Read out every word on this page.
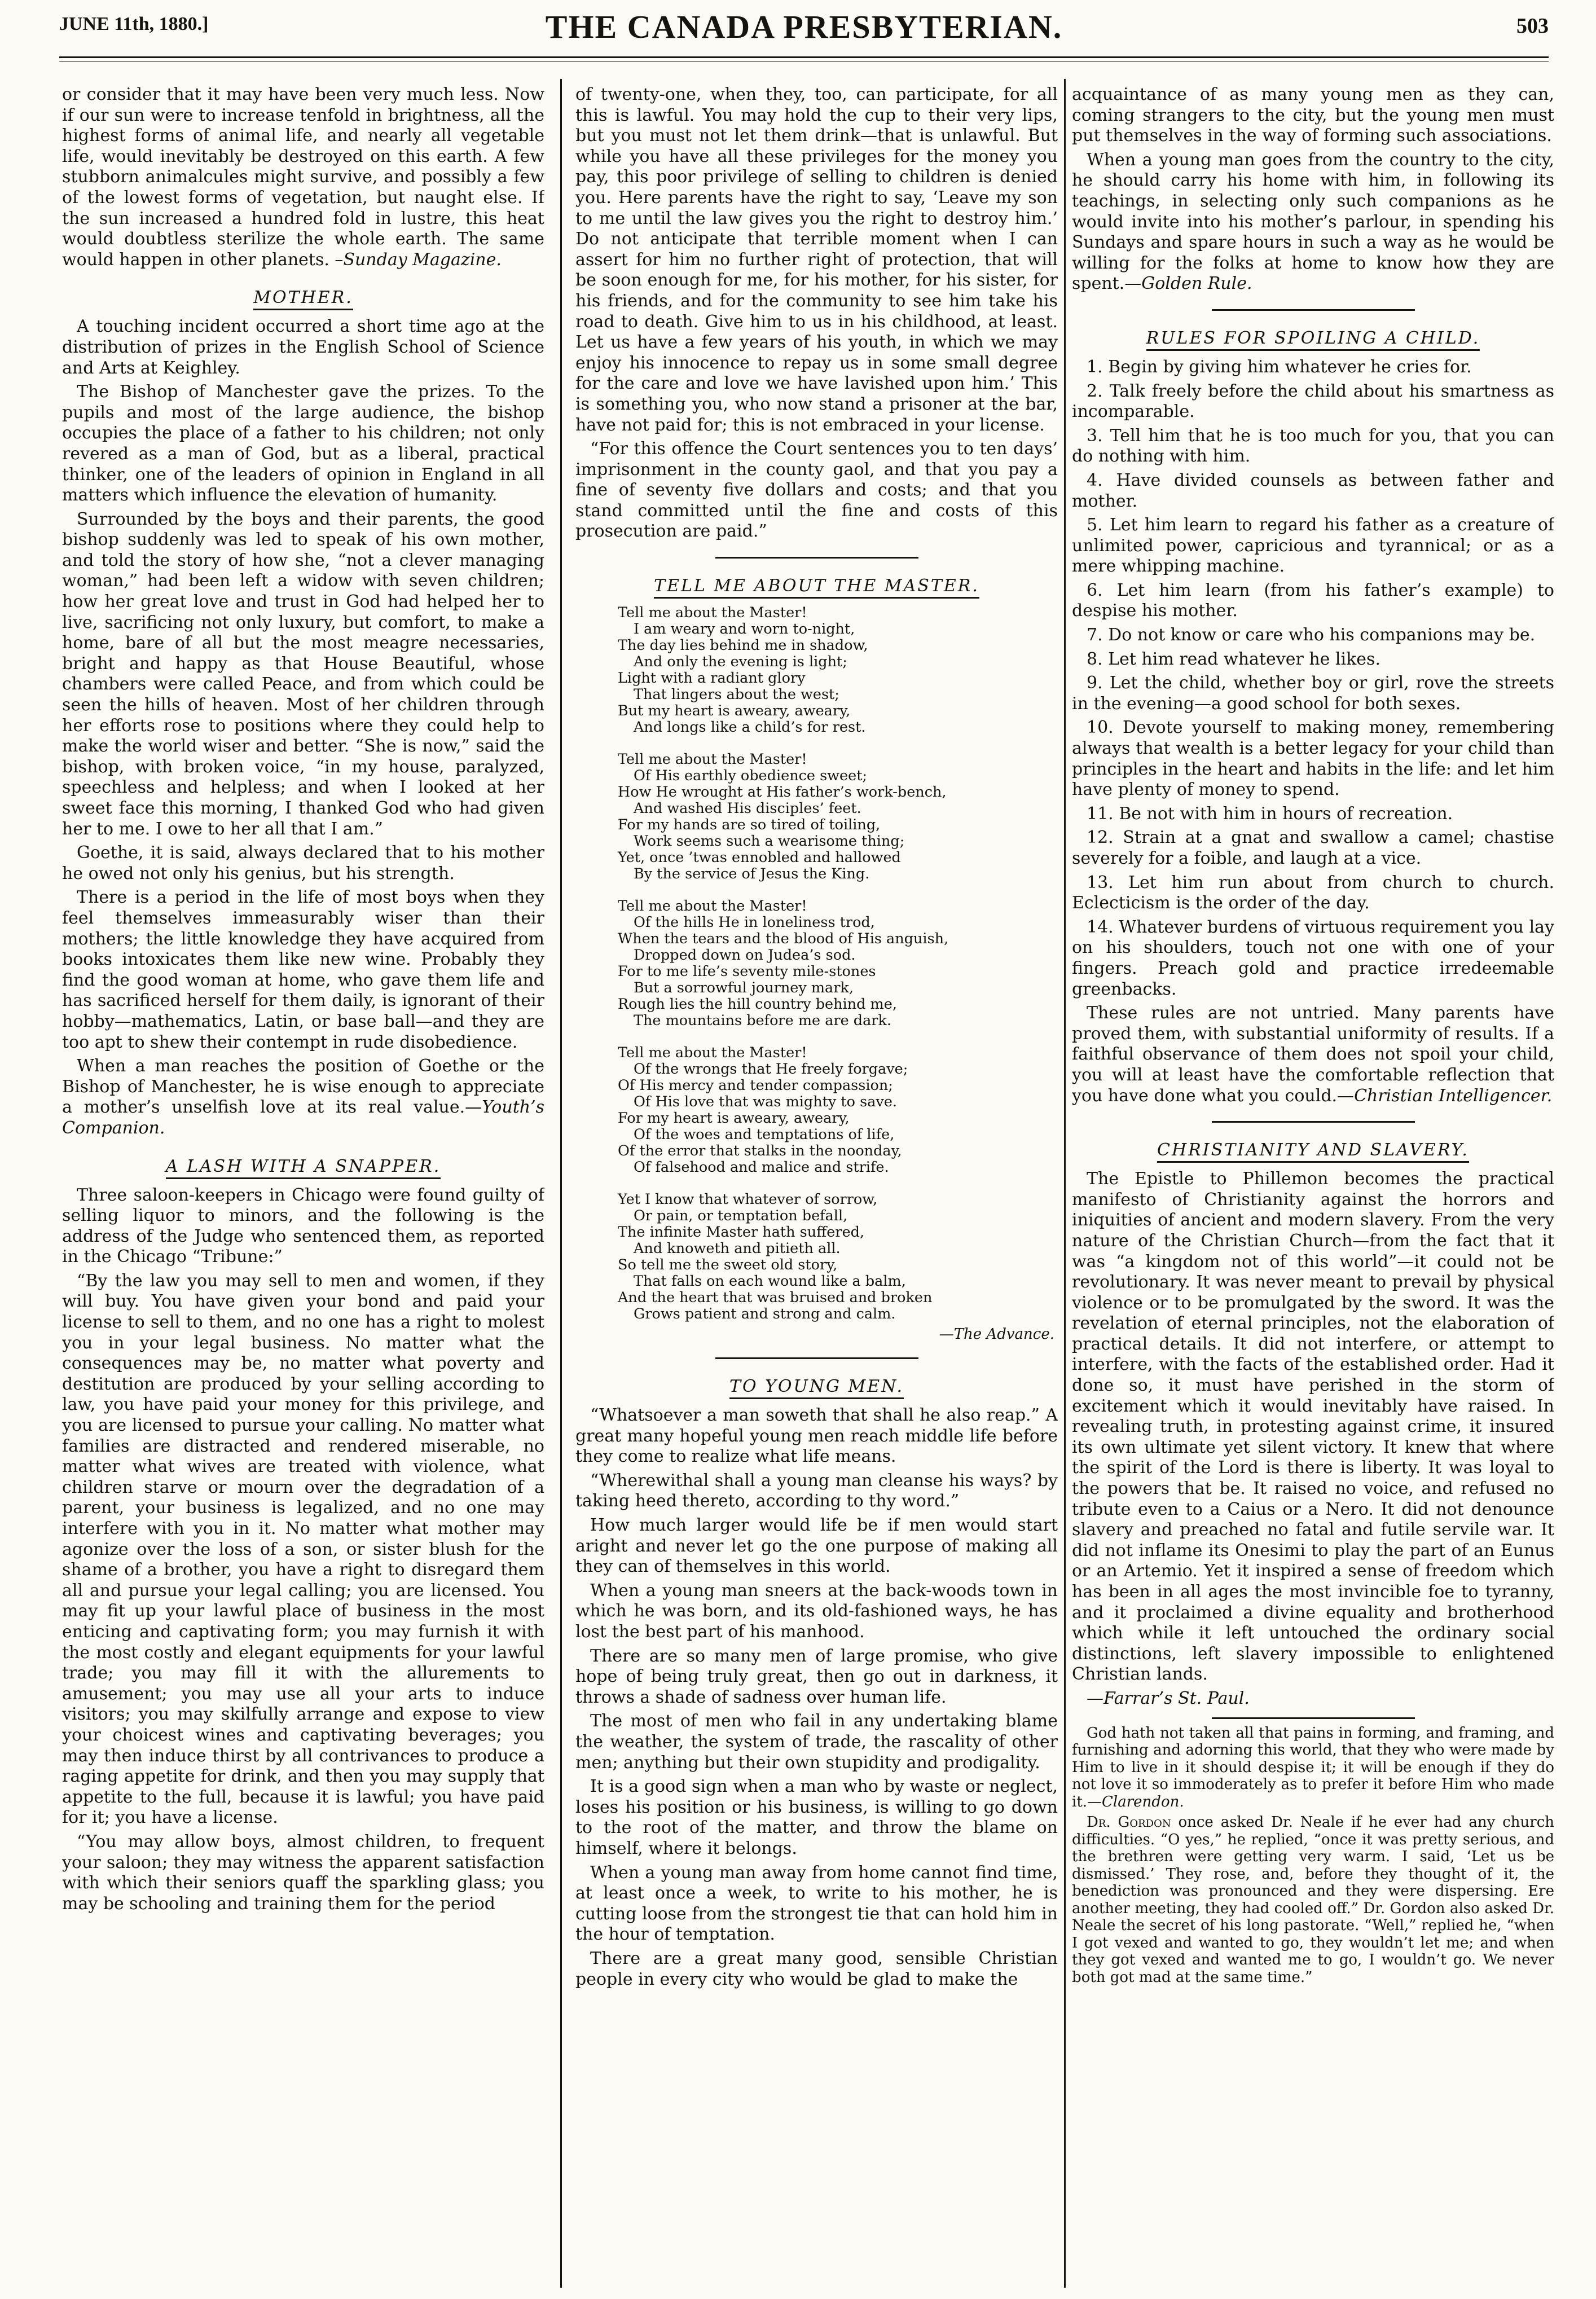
JUNE 11th, 1880.]	THE CANADA PRESBYTERIAN.	503

or consider that it may have been very much less. Now if our sun were to increase tenfold in brightness, all the highest forms of animal life, and nearly all vegetable life, would inevitably be destroyed on this earth. A few stubborn animalcules might survive, and possibly a few of the lowest forms of vegetation, but naught else. If the sun increased a hundred fold in lustre, this heat would doubtless sterilize the whole earth. The same would happen in other planets. –Sunday Magazine.

MOTHER.

A touching incident occurred a short time ago at the distribution of prizes in the English School of Science and Arts at Keighley.

The Bishop of Manchester gave the prizes. To the pupils and most of the large audience, the bishop occupies the place of a father to his children; not only revered as a man of God, but as a liberal, practical thinker, one of the leaders of opinion in England in all matters which influence the elevation of humanity.

Surrounded by the boys and their parents, the good bishop suddenly was led to speak of his own mother, and told the story of how she, “not a clever managing woman,” had been left a widow with seven children; how her great love and trust in God had helped her to live, sacrificing not only luxury, but comfort, to make a home, bare of all but the most meagre necessaries, bright and happy as that House Beautiful, whose chambers were called Peace, and from which could be seen the hills of heaven. Most of her children through her efforts rose to positions where they could help to make the world wiser and better. “She is now,” said the bishop, with broken voice, “in my house, paralyzed, speechless and helpless; and when I looked at her sweet face this morning, I thanked God who had given her to me. I owe to her all that I am.”

Goethe, it is said, always declared that to his mother he owed not only his genius, but his strength.

There is a period in the life of most boys when they feel themselves immeasurably wiser than their mothers; the little knowledge they have acquired from books intoxicates them like new wine. Probably they find the good woman at home, who gave them life and has sacrificed herself for them daily, is ignorant of their hobby—mathematics, Latin, or base ball—and they are too apt to shew their contempt in rude disobedience.

When a man reaches the position of Goethe or the Bishop of Manchester, he is wise enough to appreciate a mother’s unselfish love at its real value.—Youth’s Companion.

A LASH WITH A SNAPPER.

Three saloon-keepers in Chicago were found guilty of selling liquor to minors, and the following is the address of the Judge who sentenced them, as reported in the Chicago “Tribune:”

“By the law you may sell to men and women, if they will buy. You have given your bond and paid your license to sell to them, and no one has a right to molest you in your legal business. No matter what the consequences may be, no matter what poverty and destitution are produced by your selling according to law, you have paid your money for this privilege, and you are licensed to pursue your calling. No matter what families are distracted and rendered miserable, no matter what wives are treated with violence, what children starve or mourn over the degradation of a parent, your business is legalized, and no one may interfere with you in it. No matter what mother may agonize over the loss of a son, or sister blush for the shame of a brother, you have a right to disregard them all and pursue your legal calling; you are licensed. You may fit up your lawful place of business in the most enticing and captivating form; you may furnish it with the most costly and elegant equipments for your lawful trade; you may fill it with the allurements to amusement; you may use all your arts to induce visitors; you may skilfully arrange and expose to view your choicest wines and captivating beverages; you may then induce thirst by all contrivances to produce a raging appetite for drink, and then you may supply that appetite to the full, because it is lawful; you have paid for it; you have a license.

“You may allow boys, almost children, to frequent your saloon; they may witness the apparent satisfaction with which their seniors quaff the sparkling glass; you may be schooling and training them for the period

of twenty-one, when they, too, can participate, for all this is lawful. You may hold the cup to their very lips, but you must not let them drink—that is unlawful. But while you have all these privileges for the money you pay, this poor privilege of selling to children is denied you. Here parents have the right to say, ‘Leave my son to me until the law gives you the right to destroy him.’ Do not anticipate that terrible moment when I can assert for him no further right of protection, that will be soon enough for me, for his mother, for his sister, for his friends, and for the community to see him take his road to death. Give him to us in his childhood, at least. Let us have a few years of his youth, in which we may enjoy his innocence to repay us in some small degree for the care and love we have lavished upon him.’ This is something you, who now stand a prisoner at the bar, have not paid for; this is not embraced in your license.

“For this offence the Court sentences you to ten days’ imprisonment in the county gaol, and that you pay a fine of seventy five dollars and costs; and that you stand committed until the fine and costs of this prosecution are paid.”

TELL ME ABOUT THE MASTER.
Tell me about the Master!
I am weary and worn to-night,
The day lies behind me in shadow,
And only the evening is light;
Light with a radiant glory
That lingers about the west;
But my heart is aweary, aweary,
And longs like a child’s for rest.
Tell me about the Master!
Of His earthly obedience sweet;
How He wrought at His father’s work-bench,
And washed His disciples’ feet.
For my hands are so tired of toiling,
Work seems such a wearisome thing;
Yet, once ’twas ennobled and hallowed
By the service of Jesus the King.
Tell me about the Master!
Of the hills He in loneliness trod,
When the tears and the blood of His anguish,
Dropped down on Judea’s sod.
For to me life’s seventy mile-stones
But a sorrowful journey mark,
Rough lies the hill country behind me,
The mountains before me are dark.
Tell me about the Master!
Of the wrongs that He freely forgave;
Of His mercy and tender compassion;
Of His love that was mighty to save.
For my heart is aweary, aweary,
Of the woes and temptations of life,
Of the error that stalks in the noonday,
Of falsehood and malice and strife.
Yet I know that whatever of sorrow,
Or pain, or temptation befall,
The infinite Master hath suffered,
And knoweth and pitieth all.
So tell me the sweet old story,
That falls on each wound like a balm,
And the heart that was bruised and broken
Grows patient and strong and calm.
—The Advance.
TO YOUNG MEN.

“Whatsoever a man soweth that shall he also reap.” A great many hopeful young men reach middle life before they come to realize what life means.

“Wherewithal shall a young man cleanse his ways? by taking heed thereto, according to thy word.”

How much larger would life be if men would start aright and never let go the one purpose of making all they can of themselves in this world.

When a young man sneers at the back-woods town in which he was born, and its old-fashioned ways, he has lost the best part of his manhood.

There are so many men of large promise, who give hope of being truly great, then go out in darkness, it throws a shade of sadness over human life.

The most of men who fail in any undertaking blame the weather, the system of trade, the rascality of other men; anything but their own stupidity and prodigality.

It is a good sign when a man who by waste or neglect, loses his position or his business, is willing to go down to the root of the matter, and throw the blame on himself, where it belongs.

When a young man away from home cannot find time, at least once a week, to write to his mother, he is cutting loose from the strongest tie that can hold him in the hour of temptation.

There are a great many good, sensible Christian people in every city who would be glad to make the

acquaintance of as many young men as they can, coming strangers to the city, but the young men must put themselves in the way of forming such associations.

When a young man goes from the country to the city, he should carry his home with him, in following its teachings, in selecting only such companions as he would invite into his mother’s parlour, in spending his Sundays and spare hours in such a way as he would be willing for the folks at home to know how they are spent.—Golden Rule.

RULES FOR SPOILING A CHILD.

1. Begin by giving him whatever he cries for.

2. Talk freely before the child about his smartness as incomparable.

3. Tell him that he is too much for you, that you can do nothing with him.

4. Have divided counsels as between father and mother.

5. Let him learn to regard his father as a creature of unlimited power, capricious and tyrannical; or as a mere whipping machine.

6. Let him learn (from his father’s example) to despise his mother.

7. Do not know or care who his companions may be.

8. Let him read whatever he likes.

9. Let the child, whether boy or girl, rove the streets in the evening—a good school for both sexes.

10. Devote yourself to making money, remembering always that wealth is a better legacy for your child than principles in the heart and habits in the life: and let him have plenty of money to spend.

11. Be not with him in hours of recreation.

12. Strain at a gnat and swallow a camel; chastise severely for a foible, and laugh at a vice.

13. Let him run about from church to church. Eclecticism is the order of the day.

14. Whatever burdens of virtuous requirement you lay on his shoulders, touch not one with one of your fingers. Preach gold and practice irredeemable greenbacks.

These rules are not untried. Many parents have proved them, with substantial uniformity of results. If a faithful observance of them does not spoil your child, you will at least have the comfortable reflection that you have done what you could.—Christian Intelligencer.

CHRISTIANITY AND SLAVERY.

The Epistle to Phillemon becomes the practical manifesto of Christianity against the horrors and iniquities of ancient and modern slavery. From the very nature of the Christian Church—from the fact that it was “a kingdom not of this world”—it could not be revolutionary. It was never meant to prevail by physical violence or to be promulgated by the sword. It was the revelation of eternal principles, not the elaboration of practical details. It did not interfere, or attempt to interfere, with the facts of the established order. Had it done so, it must have perished in the storm of excitement which it would inevitably have raised. In revealing truth, in protesting against crime, it insured its own ultimate yet silent victory. It knew that where the spirit of the Lord is there is liberty. It was loyal to the powers that be. It raised no voice, and refused no tribute even to a Caius or a Nero. It did not denounce slavery and preached no fatal and futile servile war. It did not inflame its Onesimi to play the part of an Eunus or an Artemio. Yet it inspired a sense of freedom which has been in all ages the most invincible foe to tyranny, and it proclaimed a divine equality and brotherhood which while it left untouched the ordinary social distinctions, left slavery impossible to enlightened Christian lands.

—Farrar’s St. Paul.

God hath not taken all that pains in forming, and framing, and furnishing and adorning this world, that they who were made by Him to live in it should despise it; it will be enough if they do not love it so immoderately as to prefer it before Him who made it.—Clarendon.

Dr. Gordon once asked Dr. Neale if he ever had any church difficulties. “O yes,” he replied, “once it was pretty serious, and the brethren were getting very warm. I said, ‘Let us be dismissed.’ They rose, and, before they thought of it, the benediction was pronounced and they were dispersing. Ere another meeting, they had cooled off.” Dr. Gordon also asked Dr. Neale the secret of his long pastorate. “Well,” replied he, “when I got vexed and wanted to go, they wouldn’t let me; and when they got vexed and wanted me to go, I wouldn’t go. We never both got mad at the same time.”
